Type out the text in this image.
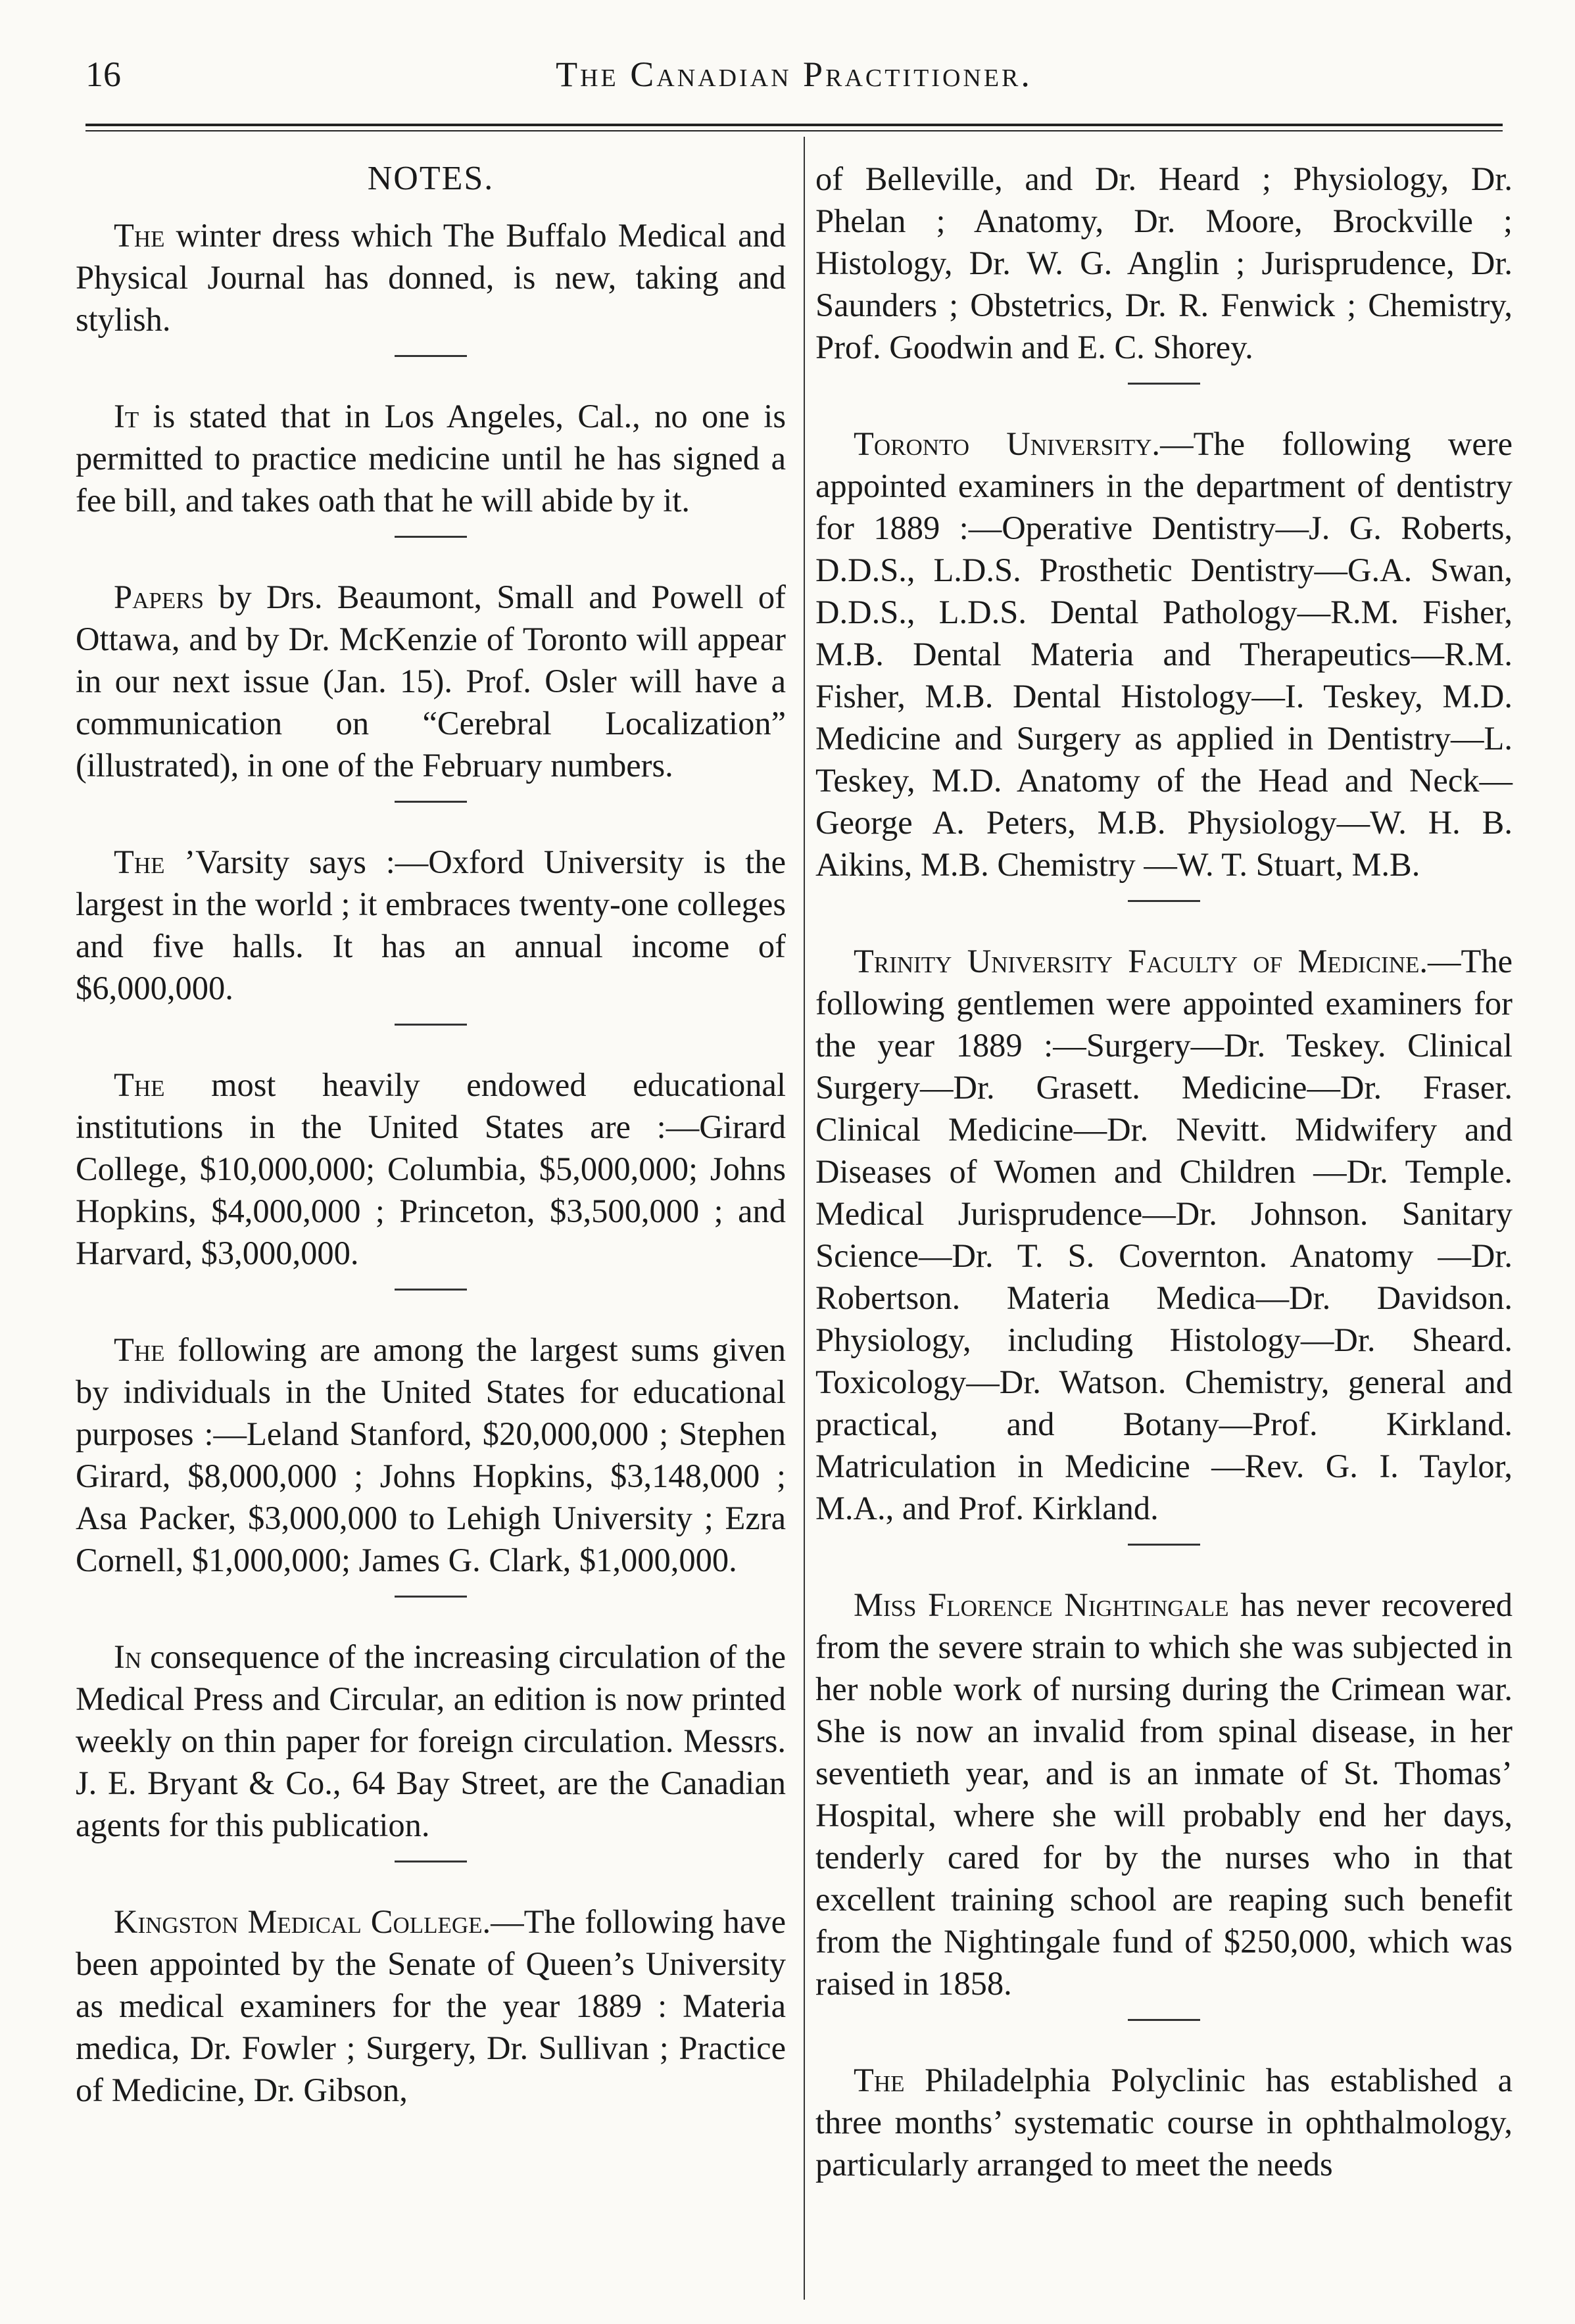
16	The Canadian Practitioner.
NOTES.

The winter dress which The Buffalo Medical and Physical Journal has donned, is new, taking and stylish.

It is stated that in Los Angeles, Cal., no one is permitted to practice medicine until he has signed a fee bill, and takes oath that he will abide by it.

Papers by Drs. Beaumont, Small and Powell of Ottawa, and by Dr. McKenzie of Toronto will appear in our next issue (Jan. 15). Prof. Osler will have a communication on “Cerebral Localization” (illustrated), in one of the February numbers.

The ’Varsity says :—Oxford University is the largest in the world ; it embraces twenty-one colleges and five halls. It has an annual income of $6,000,000.

The most heavily endowed educational institutions in the United States are :—Girard College, $10,000,000; Columbia, $5,000,000; Johns Hopkins, $4,000,000 ; Princeton, $3,500,000 ; and Harvard, $3,000,000.

The following are among the largest sums given by individuals in the United States for educational purposes :—Leland Stanford, $20,000,000 ; Stephen Girard, $8,000,000 ; Johns Hopkins, $3,148,000 ; Asa Packer, $3,000,000 to Lehigh University ; Ezra Cornell, $1,000,000; James G. Clark, $1,000,000.

In consequence of the increasing circulation of the Medical Press and Circular, an edition is now printed weekly on thin paper for foreign circulation. Messrs. J. E. Bryant & Co., 64 Bay Street, are the Canadian agents for this publication.

Kingston Medical College.—The following have been appointed by the Senate of Queen’s University as medical examiners for the year 1889 : Materia medica, Dr. Fowler ; Surgery, Dr. Sullivan ; Practice of Medicine, Dr. Gibson,

of Belleville, and Dr. Heard ; Physiology, Dr. Phelan ; Anatomy, Dr. Moore, Brockville ; Histology, Dr. W. G. Anglin ; Jurisprudence, Dr. Saunders ; Obstetrics, Dr. R. Fenwick ; Chemistry, Prof. Goodwin and E. C. Shorey.

Toronto University.—The following were appointed examiners in the department of dentistry for 1889 :—Operative Dentistry—J. G. Roberts, D.D.S., L.D.S. Prosthetic Dentistry—G.A. Swan, D.D.S., L.D.S. Dental Pathology—R.M. Fisher, M.B. Dental Materia and Therapeutics—R.M. Fisher, M.B. Dental Histology—I. Teskey, M.D. Medicine and Surgery as applied in Dentistry—L. Teskey, M.D. Anatomy of the Head and Neck—George A. Peters, M.B. Physiology—W. H. B. Aikins, M.B. Chemistry —W. T. Stuart, M.B.

Trinity University Faculty of Medicine.—The following gentlemen were appointed examiners for the year 1889 :—Surgery—Dr. Teskey. Clinical Surgery—Dr. Grasett. Medicine—Dr. Fraser. Clinical Medicine—Dr. Nevitt. Midwifery and Diseases of Women and Children —Dr. Temple. Medical Jurisprudence—Dr. Johnson. Sanitary Science—Dr. T. S. Covernton. Anatomy —Dr. Robertson. Materia Medica—Dr. Davidson. Physiology, including Histology—Dr. Sheard. Toxicology—Dr. Watson. Chemistry, general and practical, and Botany—Prof. Kirkland. Matriculation in Medicine —Rev. G. I. Taylor, M.A., and Prof. Kirkland.

Miss Florence Nightingale has never recovered from the severe strain to which she was subjected in her noble work of nursing during the Crimean war. She is now an invalid from spinal disease, in her seventieth year, and is an inmate of St. Thomas’ Hospital, where she will probably end her days, tenderly cared for by the nurses who in that excellent training school are reaping such benefit from the Nightingale fund of $250,000, which was raised in 1858.

The Philadelphia Polyclinic has established a three months’ systematic course in ophthalmology, particularly arranged to meet the needs
